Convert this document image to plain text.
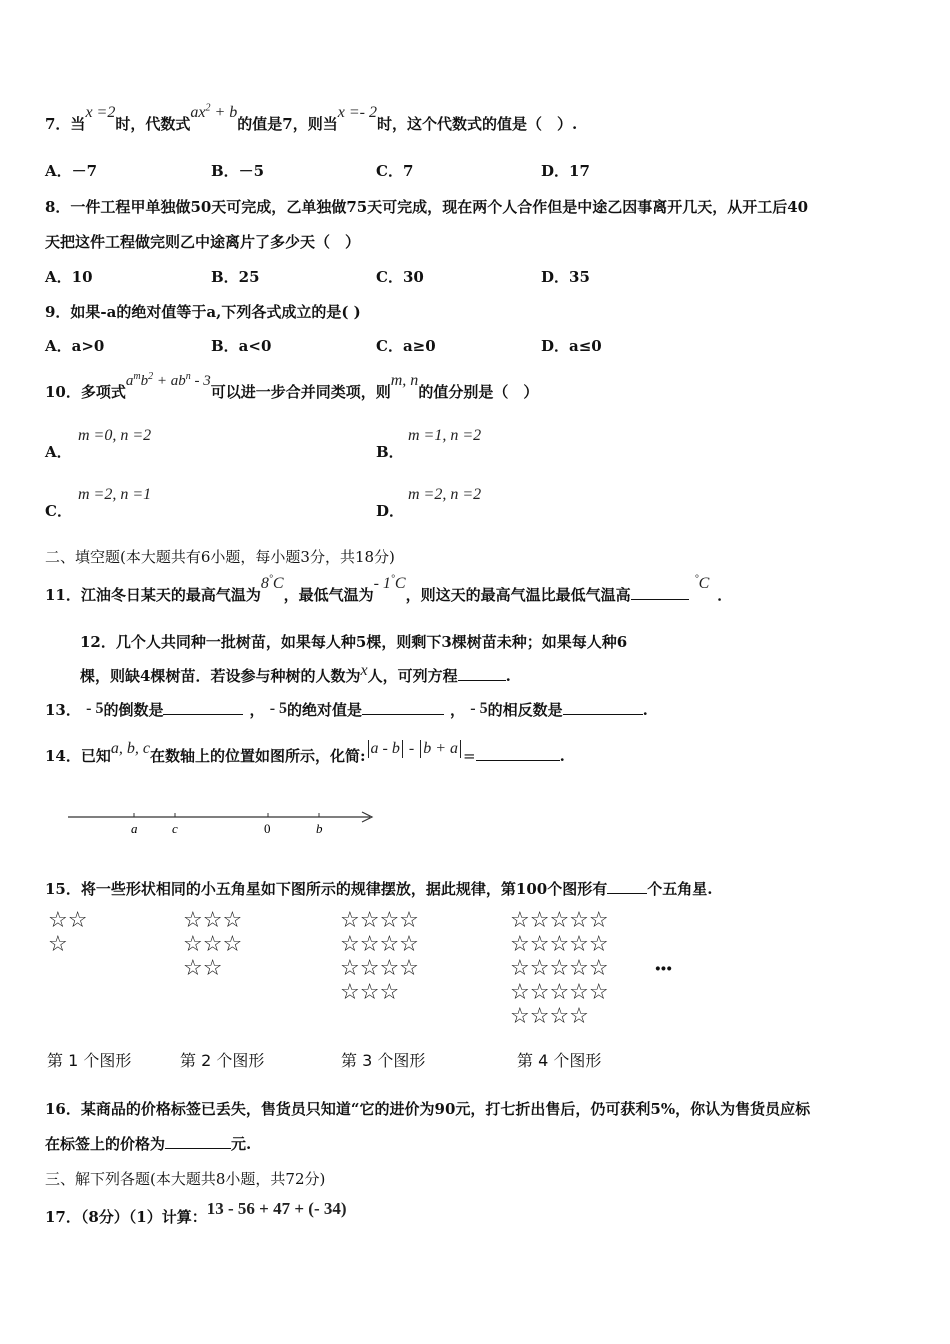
7．当x =2时，代数式$ax^2 + b$的值是7，则当x =- 2时，这个代数式的值是（　）.
A．－7	B．－5	C．7	D．17
8．一件工程甲单独做50天可完成，乙单独做75天可完成，现在两个人合作但是中途乙因事离开几天，从开工后40
天把这件工程做完则乙中途离片了多少天（　）
A．10	B．25	C．30	D．35
9．如果-a的绝对值等于a,下列各式成立的是( )
A．a>0	B．a<0	C．a≥0	D．a≤0
10．多项式$a^mb^2 + ab^n - 3$可以进一步合并同类项，则m, n的值分别是（　）
A．
m =0, n =2
B．
m =1, n =2
C．
m =2, n =1
D．
m =2, n =2
二、填空题(本大题共有6小题，每小题3分，共18分)
11．江油冬日某天的最高气温为8°C，最低气温为- 1°C，则这天的最高气温比最低气温高°C．
12．几个人共同种一批树苗，如果每人种5棵，则剩下3棵树苗未种；如果每人种6
棵，则缺4棵树苗．若设参与种树的人数为x人，可列方程	.
13． - 5的倒数是	， - 5的绝对值是	， - 5的相反数是	.
14．已知a, b, c在数轴上的位置如图所示，化简: a - b - b + a =	.
a	c	0	b
15．将一些形状相同的小五角星如下图所示的规律摆放，据此规律，第100个图形有	个五角星.
☆☆
☆
☆☆☆
☆☆☆
☆☆
☆☆☆☆
☆☆☆☆
☆☆☆☆
☆☆☆
☆☆☆☆☆
☆☆☆☆☆
☆☆☆☆☆
☆☆☆☆☆
☆☆☆☆
···
第 1 个图形	第 2 个图形	第 3 个图形	第 4 个图形
16．某商品的价格标签已丢失，售货员只知道“它的进价为90元，打七折出售后，仍可获利5%，你认为售货员应标
在标签上的价格为	元.
三、解下列各题(本大题共8小题，共72分)
17．（8分）（1）计算：13 - 56 + 47 + (- 34)
